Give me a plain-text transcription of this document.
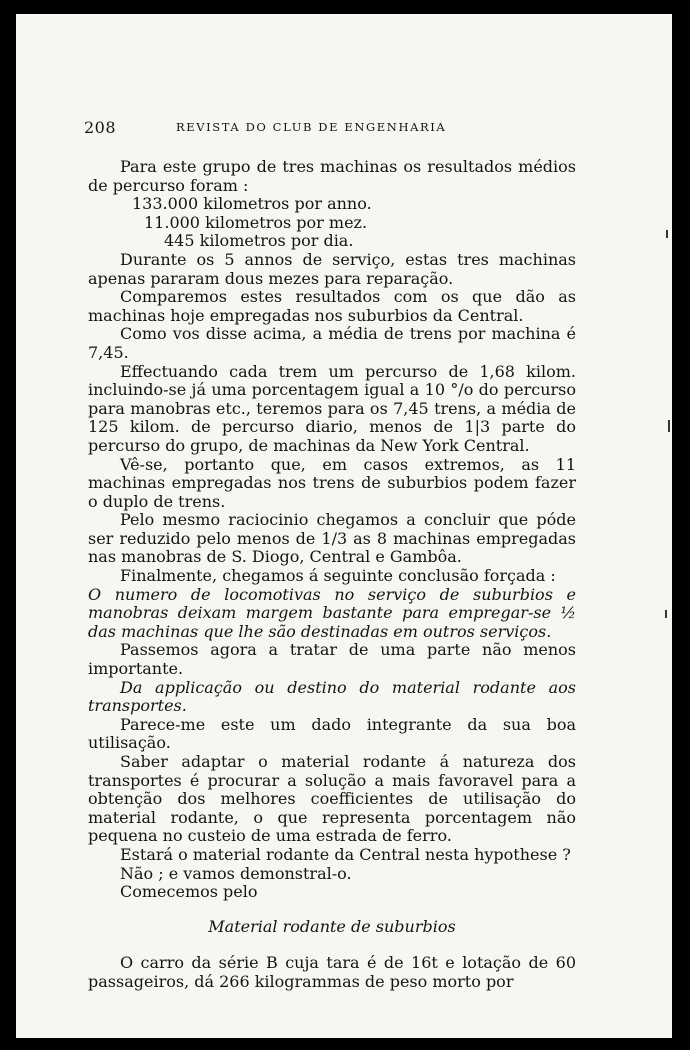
208	REVISTA DO CLUB DE ENGENHARIA

Para este grupo de tres machinas os resultados médios de percurso foram :

133.000 kilometros por anno.

11.000 kilometros por mez.

445 kilometros por dia.

Durante os 5 annos de serviço, estas tres machinas apenas pararam dous mezes para reparação.

Comparemos estes resultados com os que dão as machinas hoje empregadas nos suburbios da Central.

Como vos disse acima, a média de trens por machina é 7,45.

Effectuando cada trem um percurso de 1,68 kilom. incluindo-se já uma porcentagem igual a 10 °/o do percurso para manobras etc., teremos para os 7,45 trens, a média de 125 kilom. de percurso diario, menos de 1|3 parte do percurso do grupo, de machinas da New York Central.

Vê-se, portanto que, em casos extremos, as 11 machinas empregadas nos trens de suburbios podem fazer o duplo de trens.

Pelo mesmo raciocinio chegamos a concluir que póde ser reduzido pelo menos de 1/3 as 8 machinas empregadas nas manobras de S. Diogo, Central e Gambôa.

Finalmente, chegamos á seguinte conclusão forçada :

O numero de locomotivas no serviço de suburbios e manobras deixam margem bastante para empregar-se ½ das machinas que lhe são destinadas em outros serviços.

Passemos agora a tratar de uma parte não menos importante.

Da applicação ou destino do material rodante aos transportes.

Parece-me este um dado integrante da sua boa utilisação.

Saber adaptar o material rodante á natureza dos transportes é procurar a solução a mais favoravel para a obtenção dos melhores coefficientes de utilisação do material rodante, o que representa porcentagem não pequena no custeio de uma estrada de ferro.

Estará o material rodante da Central nesta hypothese ?

Não ; e vamos demonstral-o.

Comecemos pelo

Material rodante de suburbios

O carro da série B cuja tara é de 16t e lotação de 60 passageiros, dá 266 kilogrammas de peso morto por
